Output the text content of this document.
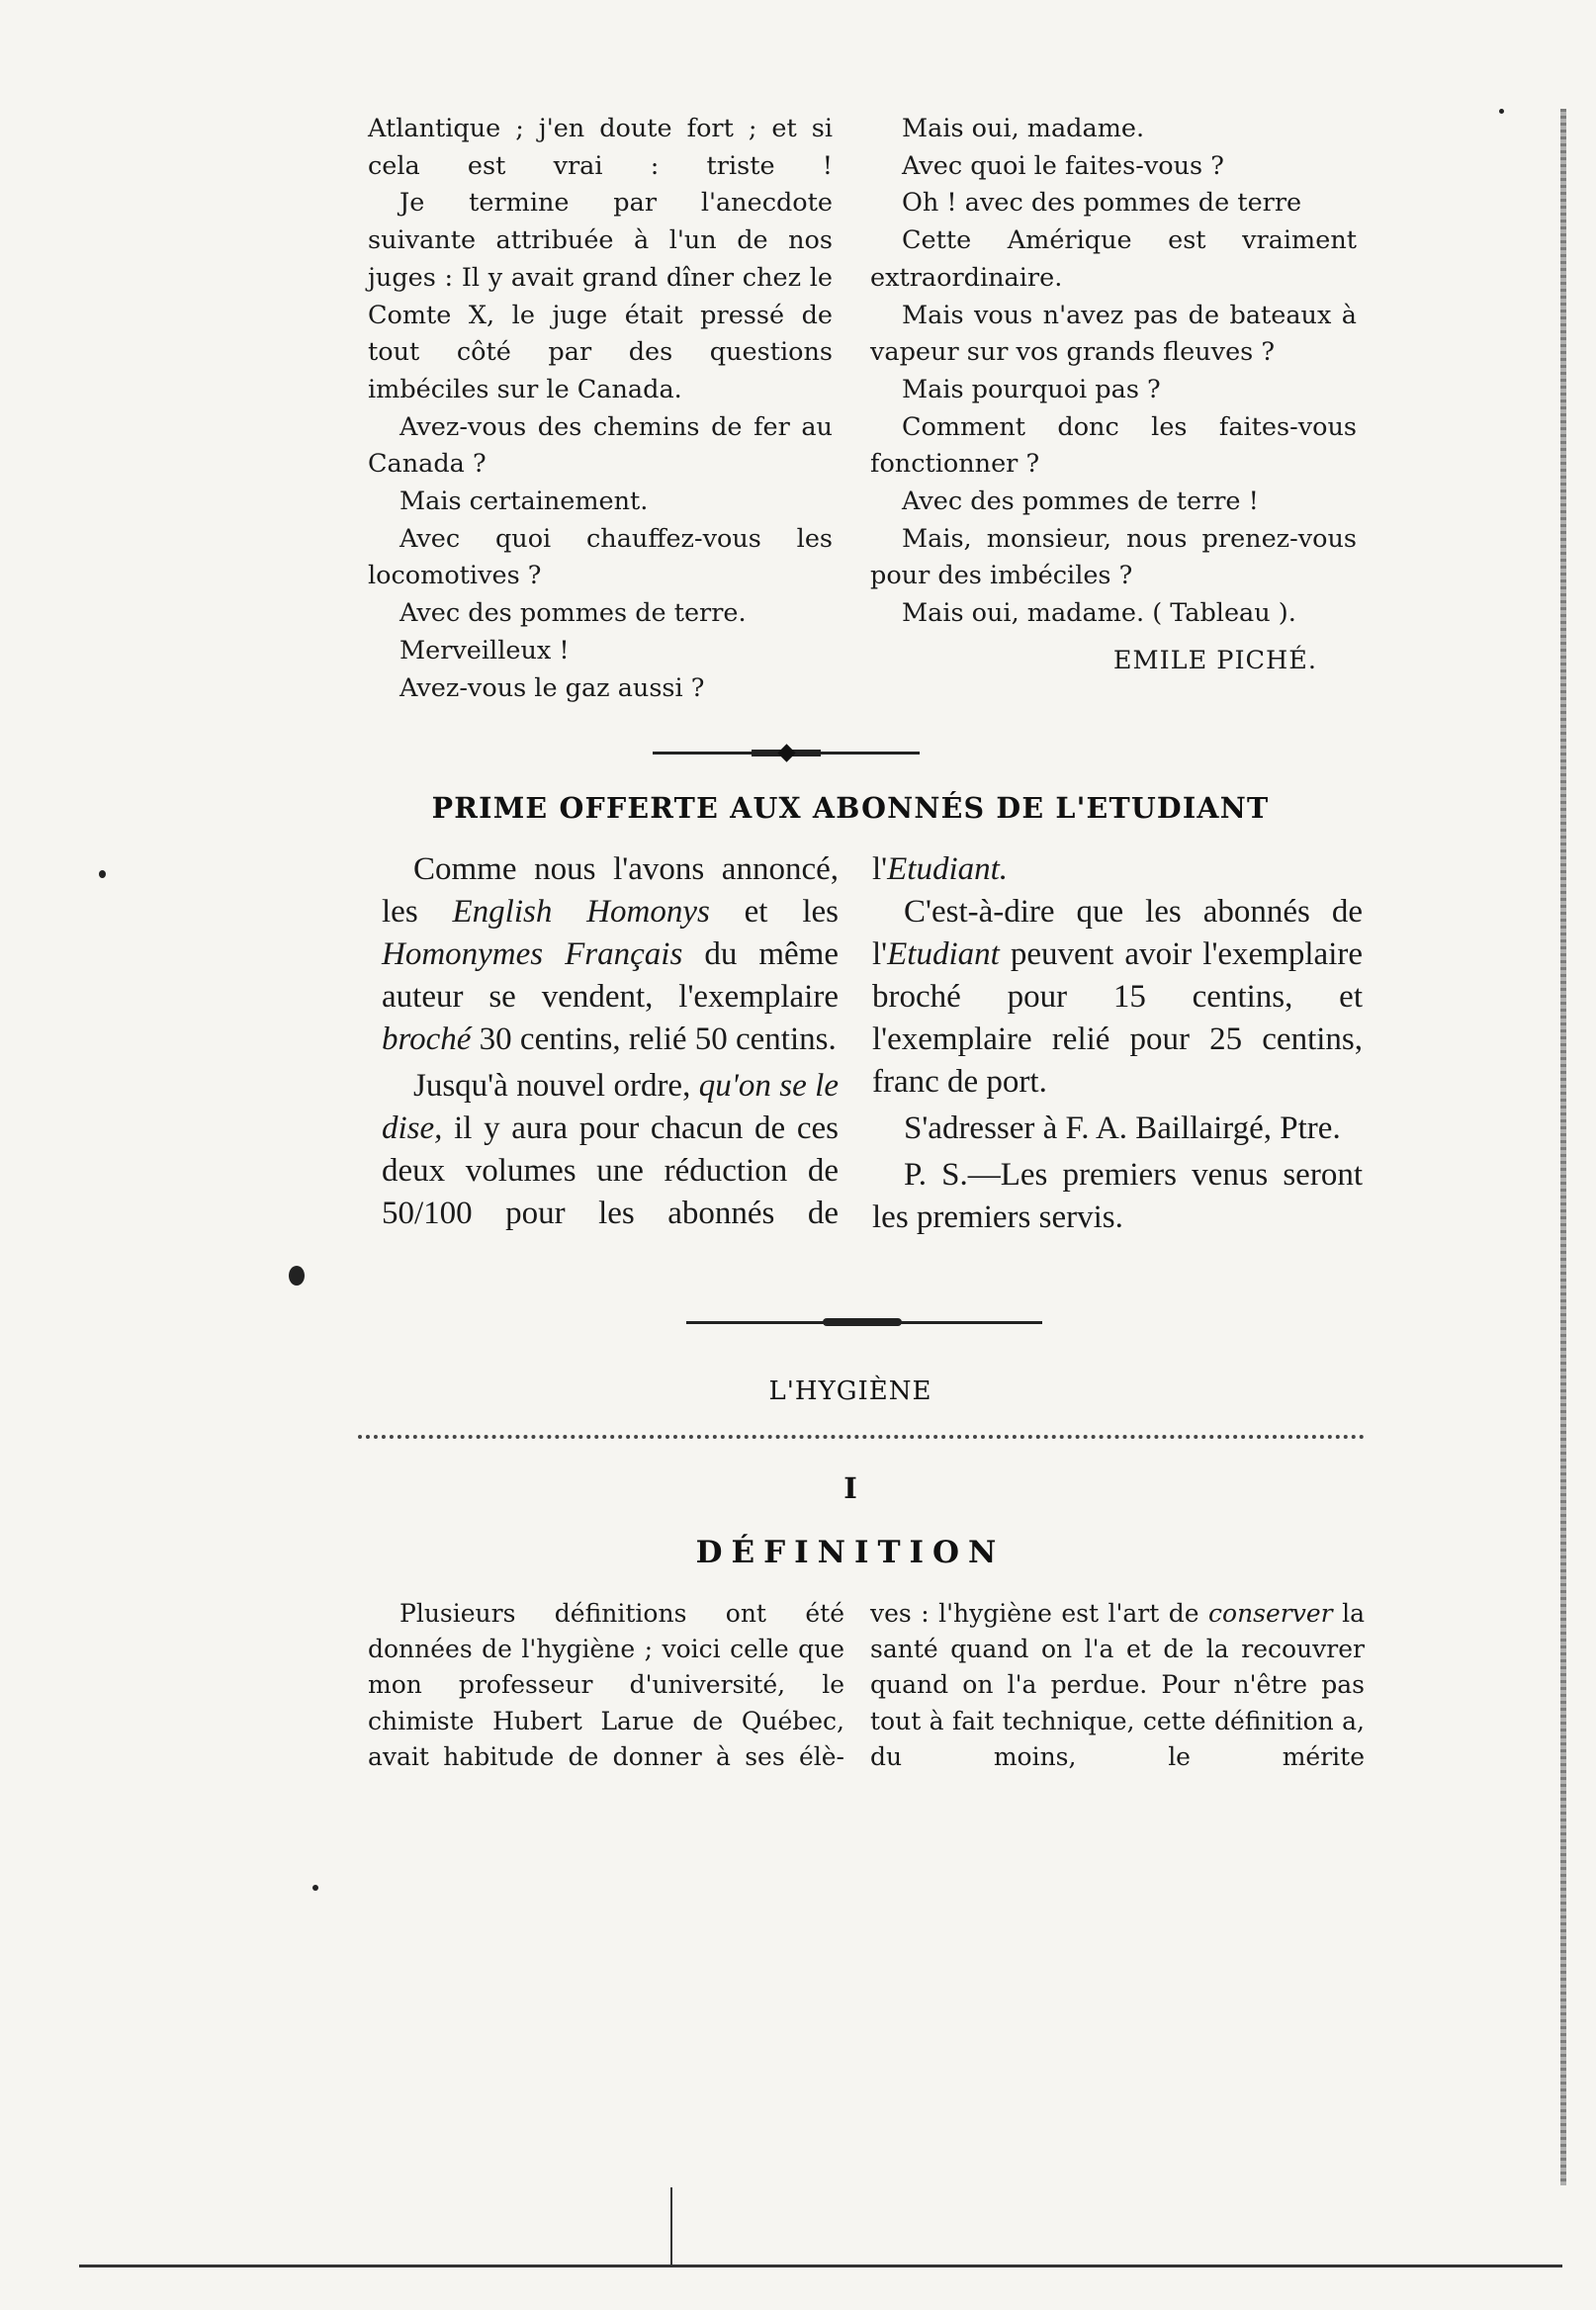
Atlantique ; j'en doute fort ; et si cela est vrai : triste !

Je termine par l'anecdote suivante attribuée à l'un de nos juges : Il y avait grand dîner chez le Comte X, le juge était pressé de tout côté par des questions imbéciles sur le Canada.

Avez-vous des chemins de fer au Canada ?

Mais certainement.

Avec quoi chauffez-vous les locomotives ?

Avec des pommes de terre.

Merveilleux !

Avez-vous le gaz aussi ?

Mais oui, madame.

Avec quoi le faites-vous ?

Oh ! avec des pommes de terre

Cette Amérique est vraiment extraordinaire.

Mais vous n'avez pas de bateaux à vapeur sur vos grands fleuves ?

Mais pourquoi pas ?

Comment donc les faites-vous fonctionner ?

Avec des pommes de terre !

Mais, monsieur, nous prenez-vous pour des imbéciles ?

Mais oui, madame. ( Tableau ).

EMILE PICHÉ.

PRIME OFFERTE AUX ABONNÉS DE L'ETUDIANT

Comme nous l'avons annoncé, les English Homonys et les Homonymes Français du même auteur se vendent, l'exemplaire broché 30 centins, relié 50 centins.

Jusqu'à nouvel ordre, qu'on se le dise, il y aura pour chacun de ces deux volumes une réduction de 50/100 pour les abonnés de

l'Etudiant.

C'est-à-dire que les abonnés de l'Etudiant peuvent avoir l'exemplaire broché pour 15 centins, et l'exemplaire relié pour 25 centins, franc de port.

S'adresser à F. A. Baillairgé, Ptre.

P. S.—Les premiers venus seront les premiers servis.

L'HYGIÈNE
I
DÉFINITION

Plusieurs définitions ont été données de l'hygiène ; voici celle que mon professeur d'université, le chimiste Hubert Larue de Québec, avait habitude de donner à ses élè-

ves : l'hygiène est l'art de conserver la santé quand on l'a et de la recouvrer quand on l'a perdue. Pour n'être pas tout à fait technique, cette définition a, du moins, le mérite
